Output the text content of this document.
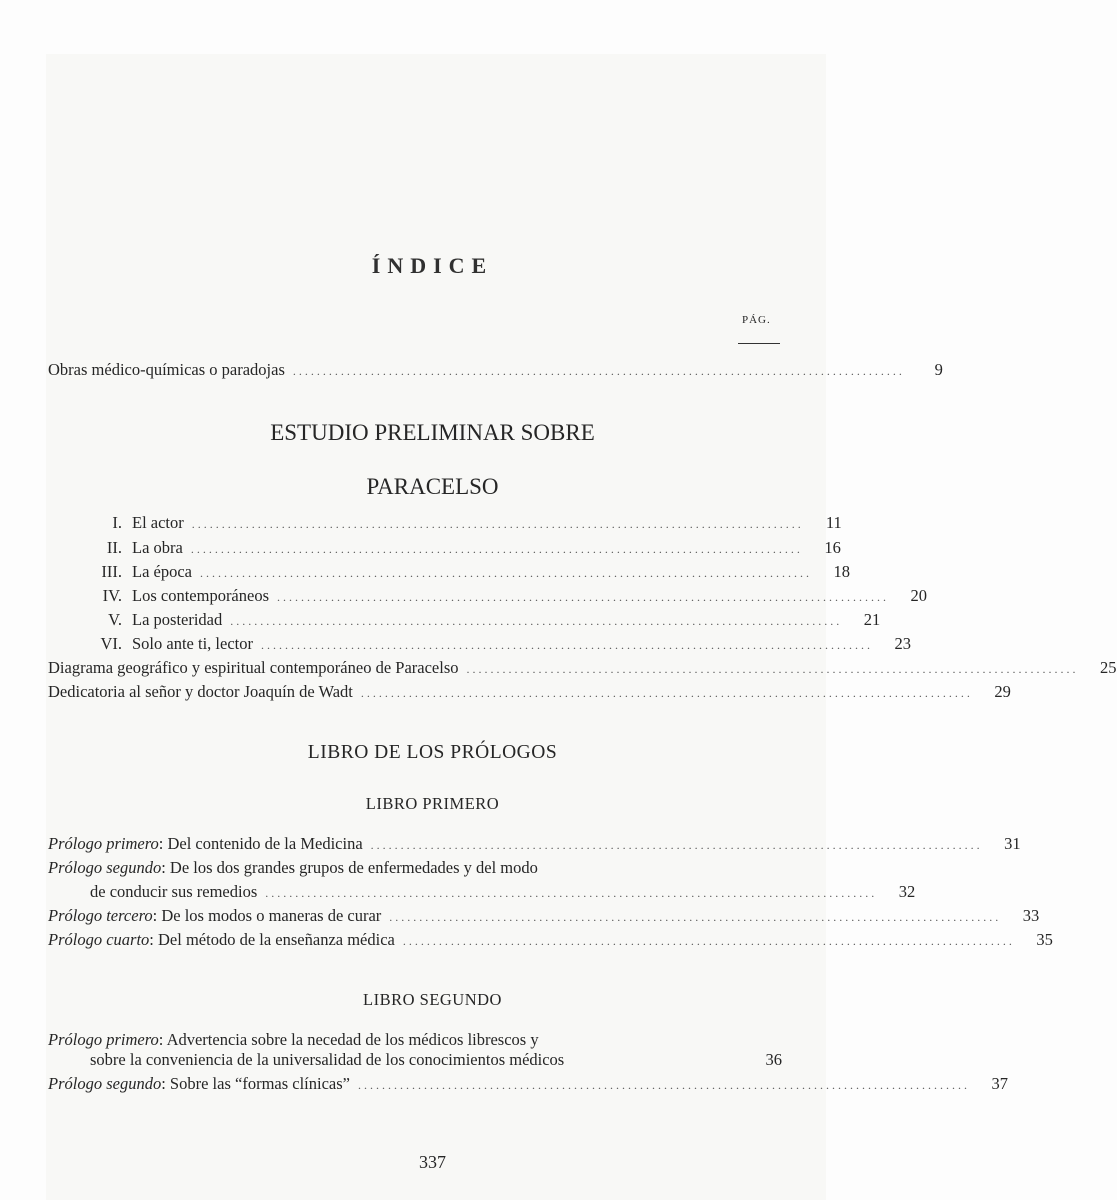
ÍNDICE
PÁG.
Obras médico-químicas o paradojas ......................................................................................................	9
ESTUDIO PRELIMINAR SOBRE
PARACELSO
I. El actor ......................................................................................................	11
II. La obra ......................................................................................................	16
III. La época ......................................................................................................	18
IV. Los contemporáneos ......................................................................................................	20
V. La posteridad ......................................................................................................	21
VI. Solo ante ti, lector ......................................................................................................	23
Diagrama geográfico y espiritual contemporáneo de Paracelso ......................................................................................................	25
Dedicatoria al señor y doctor Joaquín de Wadt ......................................................................................................	29
LIBRO DE LOS PRÓLOGOS
LIBRO PRIMERO
Prólogo primero: Del contenido de la Medicina ......................................................................................................	31
Prólogo segundo: De los dos grandes grupos de enfermedades y del modo
de conducir sus remedios ......................................................................................................	32
Prólogo tercero: De los modos o maneras de curar ......................................................................................................	33
Prólogo cuarto: Del método de la enseñanza médica ......................................................................................................	35
LIBRO SEGUNDO
Prólogo primero: Advertencia sobre la necedad de los médicos librescos y
sobre la conveniencia de la universalidad de los conocimientos médicos	36
Prólogo segundo: Sobre las “formas clínicas” ......................................................................................................	37
337
